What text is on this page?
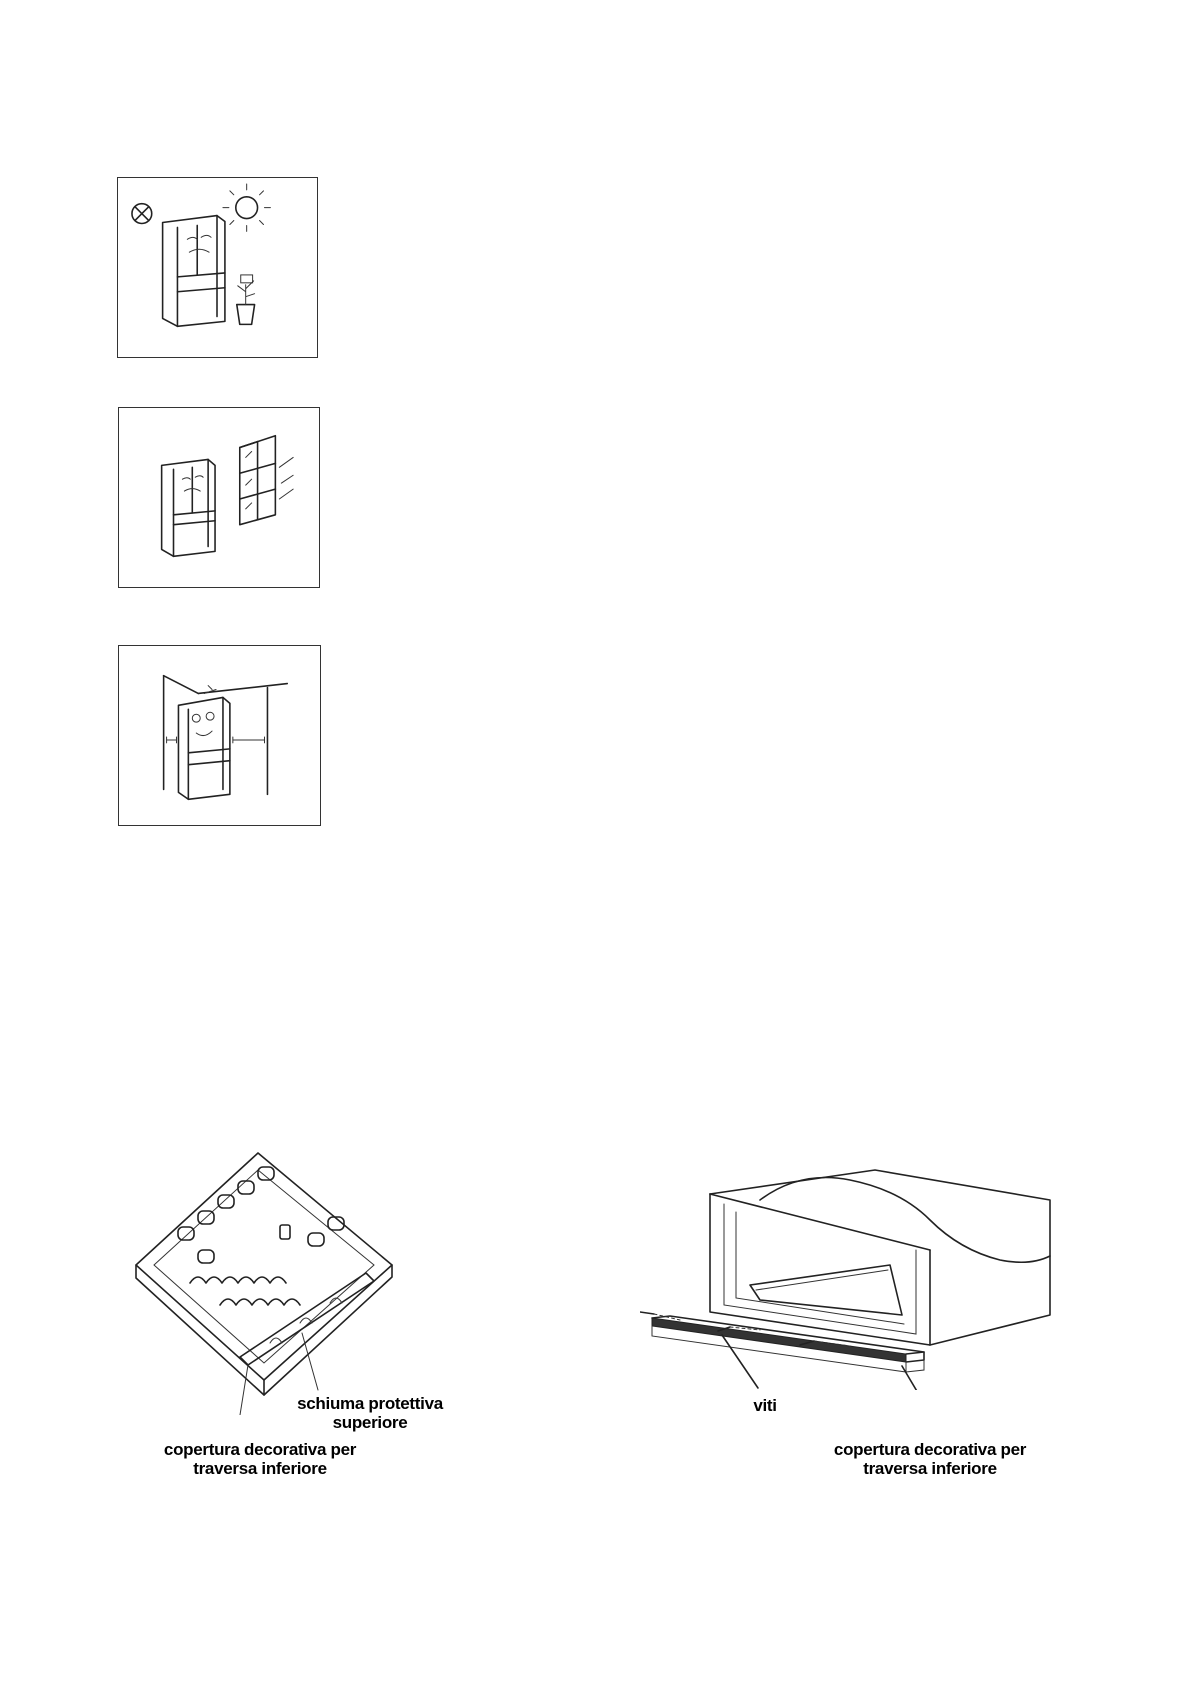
schiuma protettiva
superiore
copertura decorativa per
traversa inferiore
viti
copertura decorativa per
traversa inferiore
